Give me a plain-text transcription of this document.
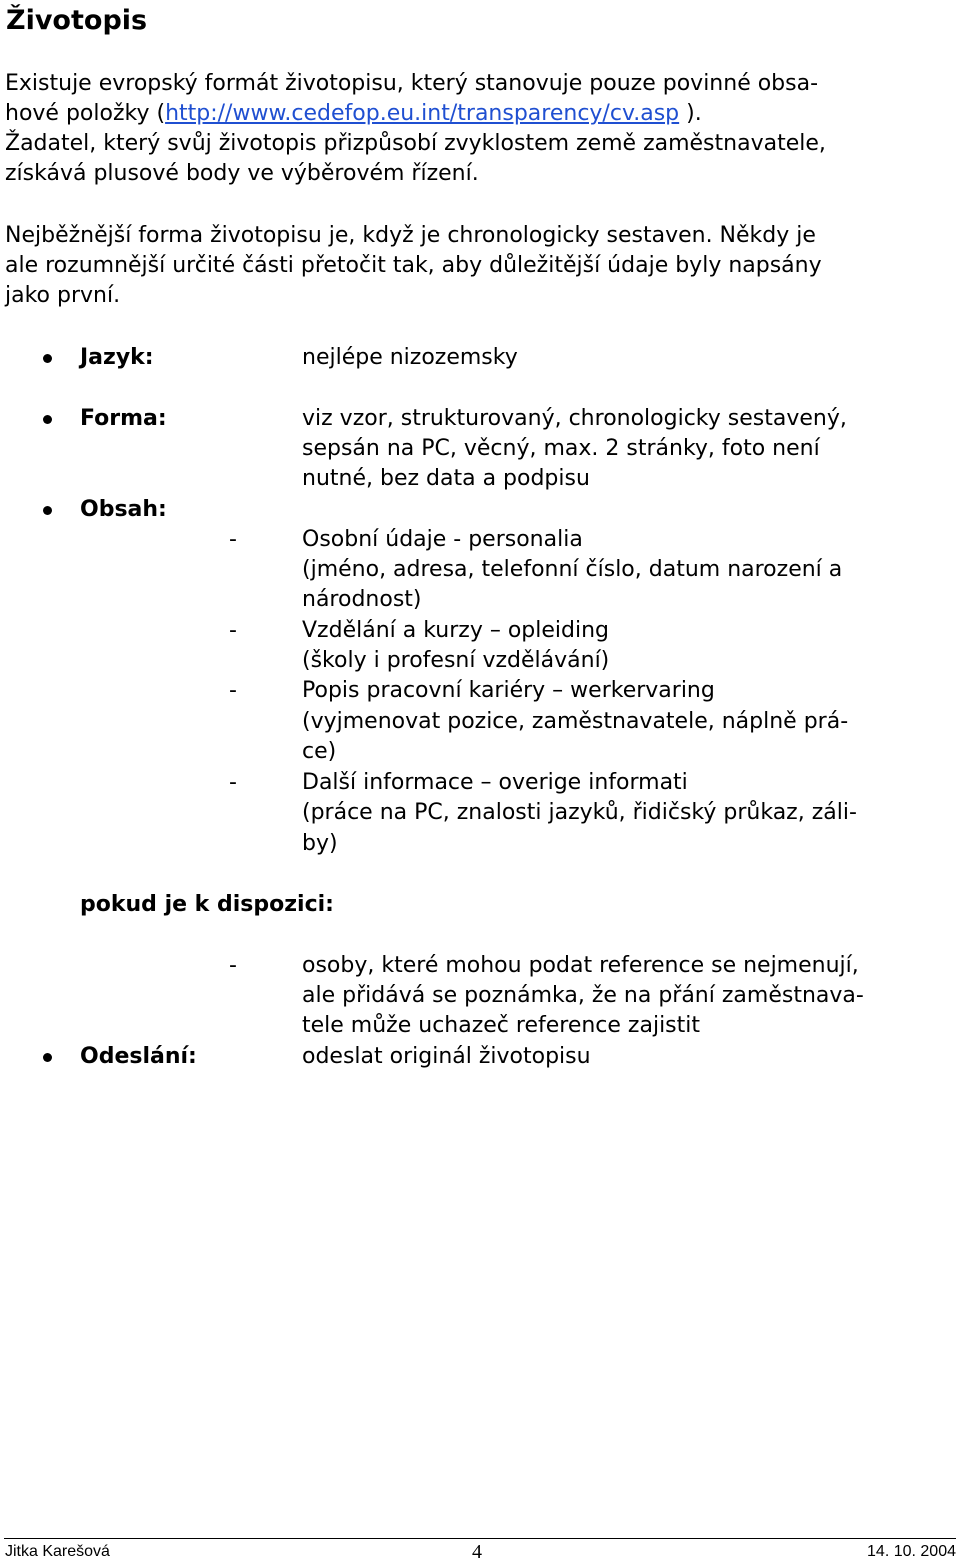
Životopis
Existuje evropský formát životopisu, který stanovuje pouze povinné obsa-
hové položky (http://www.cedefop.eu.int/transparency/cv.asp ).
Žadatel, který svůj životopis přizpůsobí zvyklostem země zaměstnavatele,
získává plusové body ve výběrovém řízení.
Nejběžnější forma životopisu je, když je chronologicky sestaven. Někdy je
ale rozumnější určité části přetočit tak, aby důležitější údaje byly napsány
jako první.
Jazyk:	nejlépe nizozemsky
Forma:	viz vzor, strukturovaný, chronologicky sestavený,
sepsán na PC, věcný, max. 2 stránky, foto není
nutné, bez data a podpisu
Obsah:
-	Osobní údaje - personalia
(jméno, adresa, telefonní číslo, datum narození a
národnost)
-	Vzdělání a kurzy – opleiding
(školy i profesní vzdělávání)
-	Popis pracovní kariéry – werkervaring
(vyjmenovat pozice, zaměstnavatele, náplně prá-
ce)
-	Další informace – overige informati
(práce na PC, znalosti jazyků, řidičský průkaz, záli-
by)
pokud je k dispozici:
-	osoby, které mohou podat reference se nejmenují,
ale přidává se poznámka, že na přání zaměstnava-
tele může uchazeč reference zajistit
Odeslání:	odeslat originál životopisu
Jitka Karešová	4	14. 10. 2004
